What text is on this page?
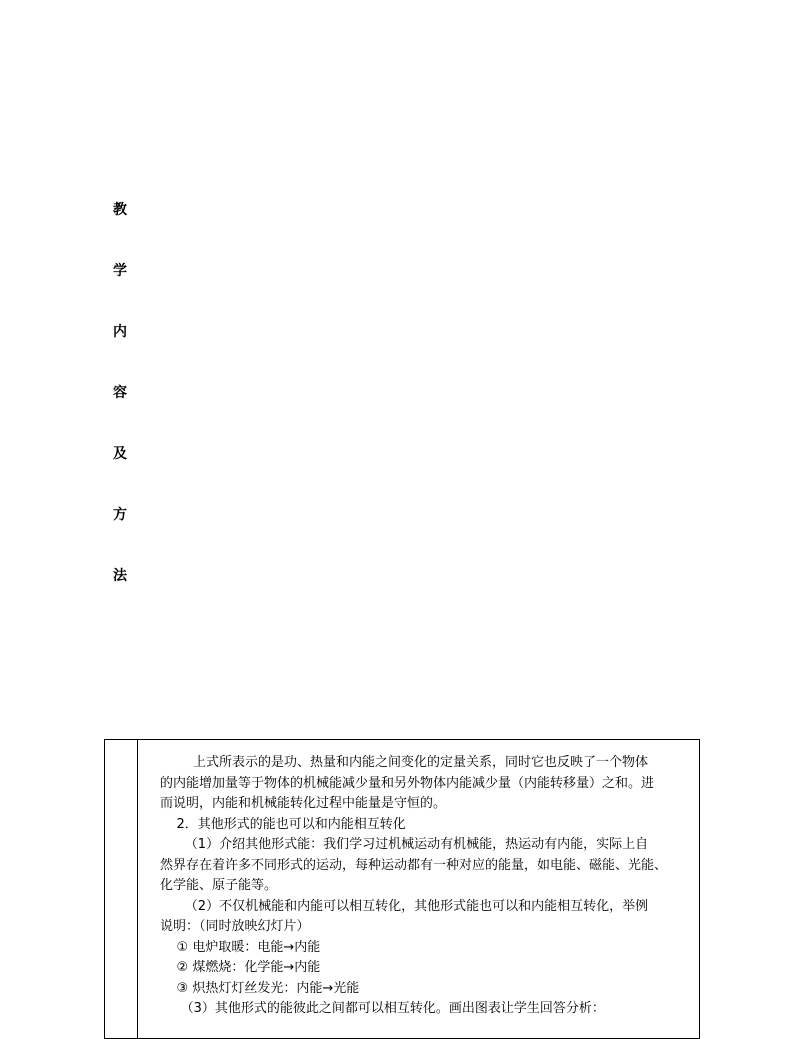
教
学
内
容
及
方
法

上式所表示的是功、热量和内能之间变化的定量关系，同时它也反映了一个物体

的内能增加量等于物体的机械能减少量和另外物体内能减少量（内能转移量）之和。进

而说明，内能和机械能转化过程中能量是守恒的。

2．其他形式的能也可以和内能相互转化

（1）介绍其他形式能：我们学习过机械运动有机械能，热运动有内能，实际上自

然界存在着许多不同形式的运动，每种运动都有一种对应的能量，如电能、磁能、光能、

化学能、原子能等。

（2）不仅机械能和内能可以相互转化，其他形式能也可以和内能相互转化，举例

说明：（同时放映幻灯片）

① 电炉取暖：电能→内能

② 煤燃烧：化学能→内能

③ 炽热灯灯丝发光：内能→光能

（3）其他形式的能彼此之间都可以相互转化。画出图表让学生回答分析：
